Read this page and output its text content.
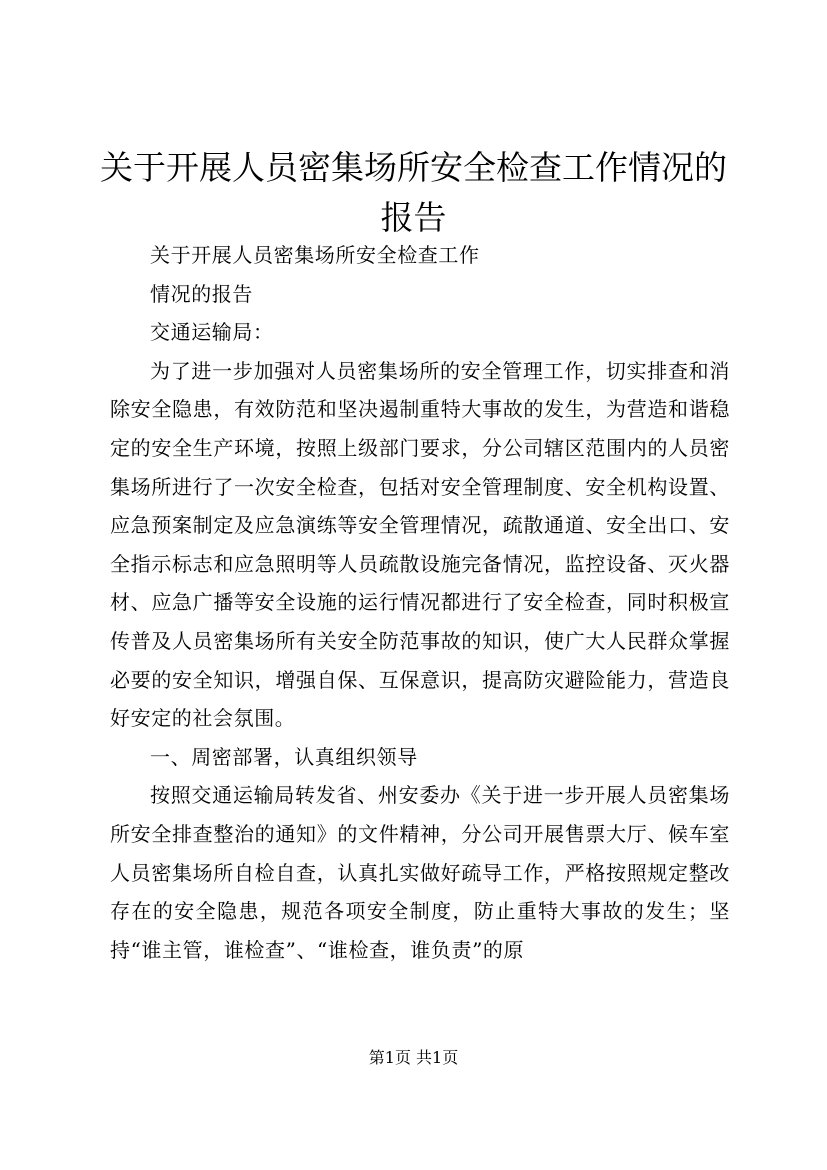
关于开展人员密集场所安全检查工作情况的报告

关于开展人员密集场所安全检查工作

情况的报告

交通运输局：

为了进一步加强对人员密集场所的安全管理工作，切实排查和消除安全隐患，有效防范和坚决遏制重特大事故的发生，为营造和谐稳定的安全生产环境，按照上级部门要求，分公司辖区范围内的人员密集场所进行了一次安全检查，包括对安全管理制度、安全机构设置、应急预案制定及应急演练等安全管理情况，疏散通道、安全出口、安全指示标志和应急照明等人员疏散设施完备情况，监控设备、灭火器材、应急广播等安全设施的运行情况都进行了安全检查，同时积极宣传普及人员密集场所有关安全防范事故的知识，使广大人民群众掌握必要的安全知识，增强自保、互保意识，提高防灾避险能力，营造良好安定的社会氛围。

一、周密部署，认真组织领导

按照交通运输局转发省、州安委办《关于进一步开展人员密集场所安全排查整治的通知》的文件精神，分公司开展售票大厅、候车室人员密集场所自检自查，认真扎实做好疏导工作，严格按照规定整改存在的安全隐患，规范各项安全制度，防止重特大事故的发生；坚持“谁主管，谁检查”、“谁检查，谁负责”的原

第1页 共1页
